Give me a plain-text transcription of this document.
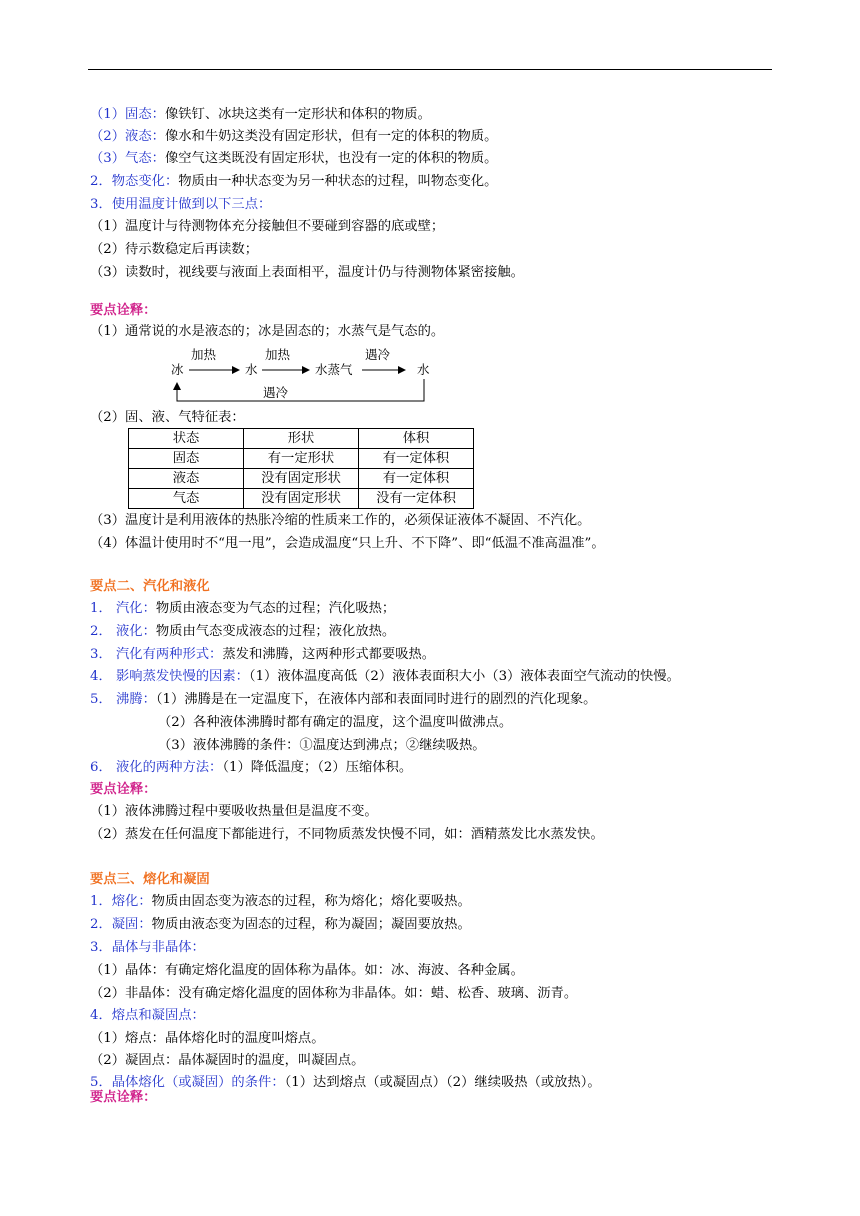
（1）固态：像铁钉、冰块这类有一定形状和体积的物质。
（2）液态：像水和牛奶这类没有固定形状，但有一定的体积的物质。
（3）气态：像空气这类既没有固定形状，也没有一定的体积的物质。
2．物态变化：物质由一种状态变为另一种状态的过程，叫物态变化。
3．使用温度计做到以下三点：
（1）温度计与待测物体充分接触但不要碰到容器的底或壁；
（2）待示数稳定后再读数；
（3）读数时，视线要与液面上表面相平，温度计仍与待测物体紧密接触。
要点诠释：
（1）通常说的水是液态的；冰是固态的；水蒸气是气态的。
冰
加热
水
加热
水蒸气
遇冷
水
遇冷
（2）固、液、气特征表：
状态	形状	体积
固态	有一定形状	有一定体积
液态	没有固定形状	有一定体积
气态	没有固定形状	没有一定体积
（3）温度计是利用液体的热胀冷缩的性质来工作的，必须保证液体不凝固、不汽化。
（4）体温计使用时不“甩一甩”，会造成温度“只上升、不下降”、即“低温不准高温准”。
要点二、汽化和液化
1． 汽化：物质由液态变为气态的过程；汽化吸热；
2． 液化：物质由气态变成液态的过程；液化放热。
3． 汽化有两种形式：蒸发和沸腾，这两种形式都要吸热。
4． 影响蒸发快慢的因素：（1）液体温度高低（2）液体表面积大小（3）液体表面空气流动的快慢。
5． 沸腾：（1）沸腾是在一定温度下，在液体内部和表面同时进行的剧烈的汽化现象。
（2）各种液体沸腾时都有确定的温度，这个温度叫做沸点。
（3）液体沸腾的条件：①温度达到沸点；②继续吸热。
6． 液化的两种方法：（1）降低温度；（2）压缩体积。
要点诠释：
（1）液体沸腾过程中要吸收热量但是温度不变。
（2）蒸发在任何温度下都能进行，不同物质蒸发快慢不同，如：酒精蒸发比水蒸发快。
要点三、熔化和凝固
1．熔化：物质由固态变为液态的过程，称为熔化；熔化要吸热。
2．凝固：物质由液态变为固态的过程，称为凝固；凝固要放热。
3．晶体与非晶体：
（1）晶体：有确定熔化温度的固体称为晶体。如：冰、海波、各种金属。
（2）非晶体：没有确定熔化温度的固体称为非晶体。如：蜡、松香、玻璃、沥青。
4．熔点和凝固点：
（1）熔点：晶体熔化时的温度叫熔点。
（2）凝固点：晶体凝固时的温度，叫凝固点。
5．晶体熔化（或凝固）的条件：（1）达到熔点（或凝固点）（2）继续吸热（或放热）。
要点诠释：
